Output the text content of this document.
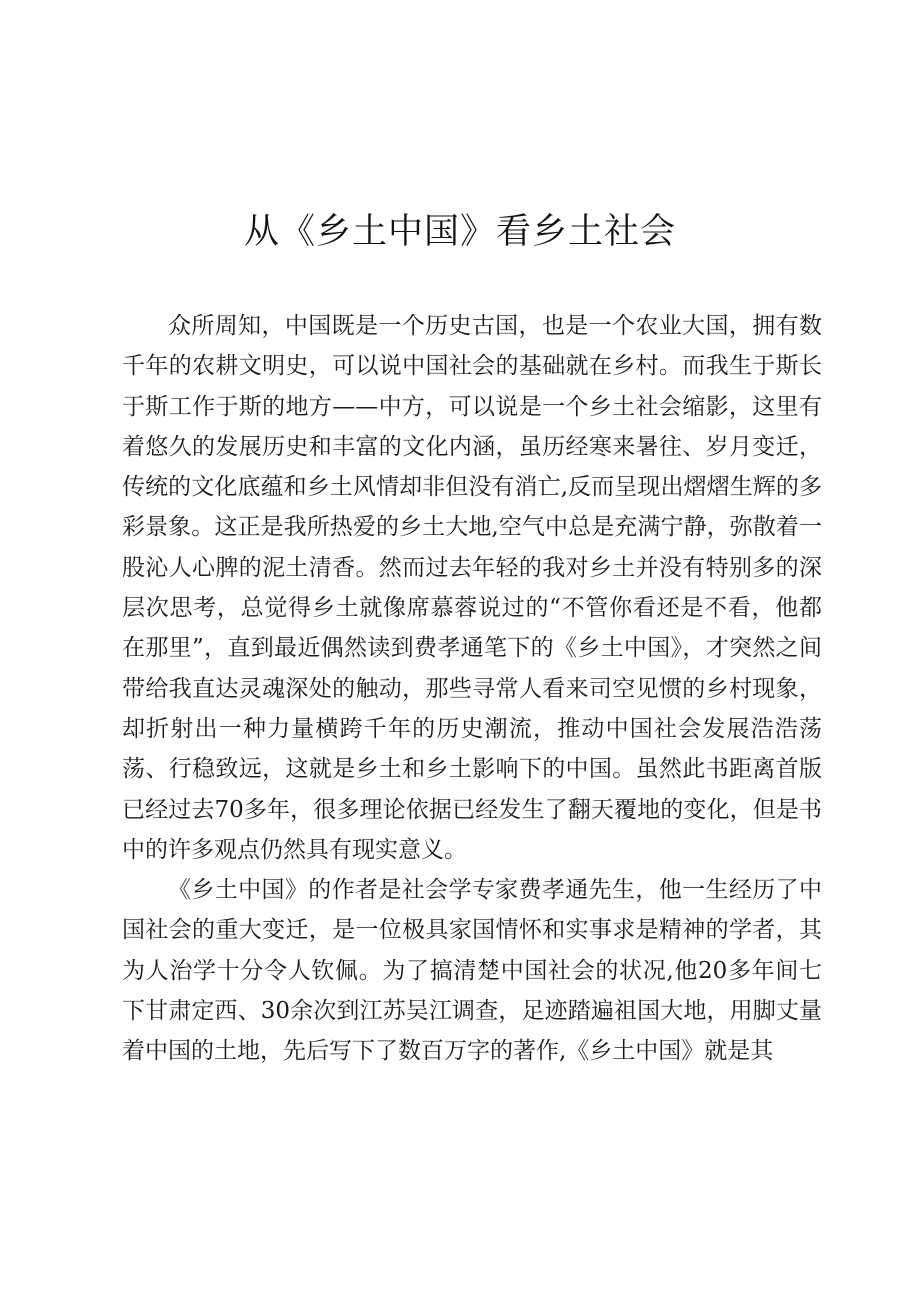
从《乡土中国》看乡土社会

众所周知，中国既是一个历史古国，也是一个农业大国，拥有数千年的农耕文明史，可以说中国社会的基础就在乡村。而我生于斯长于斯工作于斯的地方——中方，可以说是一个乡土社会缩影，这里有着悠久的发展历史和丰富的文化内涵，虽历经寒来暑往、岁月变迁，传统的文化底蕴和乡土风情却非但没有消亡,反而呈现出熠熠生辉的多彩景象。这正是我所热爱的乡土大地,空气中总是充满宁静，弥散着一股沁人心脾的泥土清香。然而过去年轻的我对乡土并没有特别多的深层次思考，总觉得乡土就像席慕蓉说过的“不管你看还是不看，他都在那里”，直到最近偶然读到费孝通笔下的《乡土中国》，才突然之间带给我直达灵魂深处的触动，那些寻常人看来司空见惯的乡村现象，却折射出一种力量横跨千年的历史潮流，推动中国社会发展浩浩荡荡、行稳致远，这就是乡土和乡土影响下的中国。虽然此书距离首版已经过去70多年，很多理论依据已经发生了翻天覆地的变化，但是书中的许多观点仍然具有现实意义。

《乡土中国》的作者是社会学专家费孝通先生，他一生经历了中国社会的重大变迁，是一位极具家国情怀和实事求是精神的学者，其为人治学十分令人钦佩。为了搞清楚中国社会的状况,他20多年间七下甘肃定西、30余次到江苏吴江调查，足迹踏遍祖国大地，用脚丈量着中国的土地，先后写下了数百万字的著作,《乡土中国》就是其
